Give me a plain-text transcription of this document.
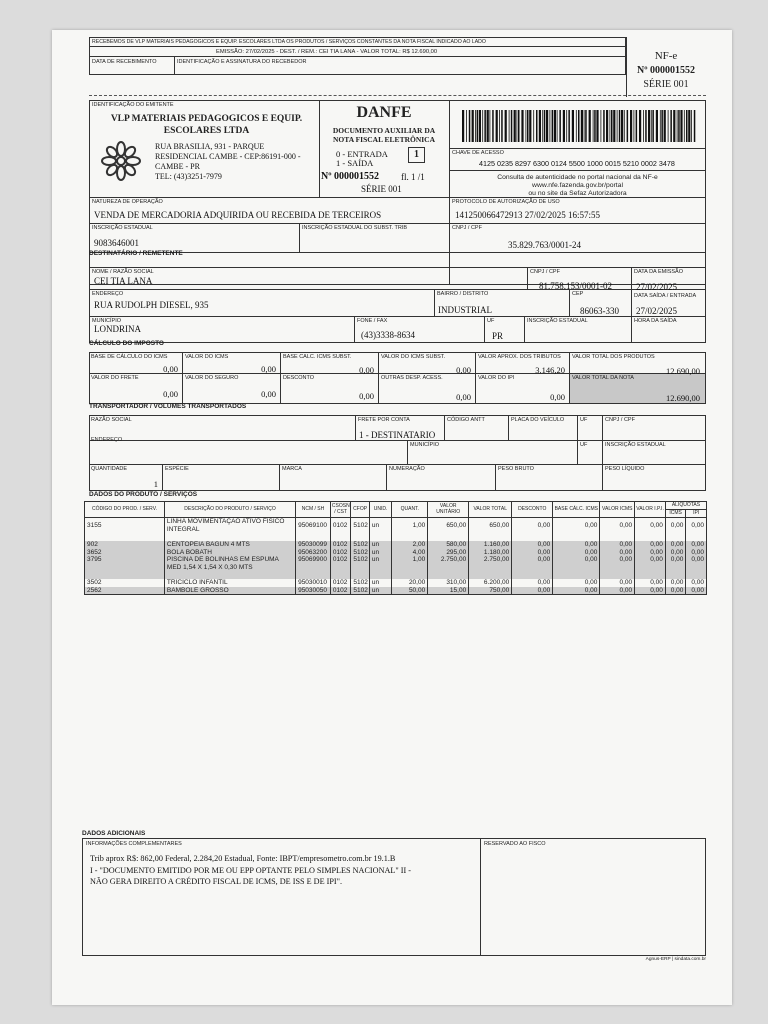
RECEBEMOS DE VLP MATERIAIS PEDAGOGICOS E EQUIP. ESCOLARES LTDA OS PRODUTOS / SERVIÇOS CONSTANTES DA NOTA FISCAL INDICADO AO LADO
EMISSÃO: 27/02/2025 - DEST. / REM.: CEI TIA LANA - VALOR TOTAL: R$ 12.690,00
DATA DE RECEBIMENTO	IDENTIFICAÇÃO E ASSINATURA DO RECEBEDOR	NF-e
Nº 000001552
SÉRIE 001
IDENTIFICAÇÃO DO EMITENTE
VLP MATERIAIS PEDAGOGICOS E EQUIP.
ESCOLARES LTDA
RUA BRASILIA, 931 - PARQUE
RESIDENCIAL CAMBE - CEP:86191-000 -
CAMBE - PR
TEL: (43)3251-7979
DANFE
DOCUMENTO AUXILIAR DA
NOTA FISCAL ELETRÔNICA
0 - ENTRADA
1 - SAÍDA
1
Nº 000001552 fl. 1 /1
SÉRIE 001
CHAVE DE ACESSO
4125 0235 8297 6300 0124 5500 1000 0015 5210 0002 3478
Consulta de autenticidade no portal nacional da NF-e
www.nfe.fazenda.gov.br/portal
ou no site da Sefaz Autorizadora
NATUREZA DE OPERAÇÃO
VENDA DE MERCADORIA ADQUIRIDA OU RECEBIDA DE TERCEIROS
PROTOCOLO DE AUTORIZAÇÃO DE USO
141250066472913 27/02/2025 16:57:55
INSCRIÇÃO ESTADUAL
9083646001
INSCRIÇÃO ESTADUAL DO SUBST. TRIB	CNPJ / CPF
35.829.763/0001-24
DESTINATÁRIO / REMETENTE
NOME / RAZÃO SOCIAL
CEI TIA LANA
CNPJ / CPF
81.758.153/0001-02
DATA DA EMISSÃO
27/02/2025
ENDEREÇO
RUA RUDOLPH DIESEL, 935
BAIRRO / DISTRITO
INDUSTRIAL
CEP
86063-330
DATA SAÍDA / ENTRADA
27/02/2025
MUNICÍPIO
LONDRINA
FONE / FAX
(43)3338-8634
UF
PR
INSCRIÇÃO ESTADUAL	HORA DA SAÍDA
CÁLCULO DO IMPOSTO
BASE DE CÁLCULO DO ICMS
0,00
VALOR DO ICMS
0,00
BASE CALC. ICMS SUBST.
0,00
VALOR DO ICMS SUBST.
0,00
VALOR APROX. DOS TRIBUTOS
3.146,20
VALOR TOTAL DOS PRODUTOS
12.690,00
VALOR DO FRETE
0,00
VALOR DO SEGURO
0,00
DESCONTO
0,00
OUTRAS DESP. ACESS.
0,00
VALOR DO IPI
0,00
VALOR TOTAL DA NOTA
12.690,00
TRANSPORTADOR / VOLUMES TRANSPORTADOS
RAZÃO SOCIAL	FRETE POR CONTA
1 - DESTINATARIO
CÓDIGO ANTT	PLACA DO VEÍCULO	UF	CNPJ / CPF
ENDEREÇO
MUNICÍPIO	UF	INSCRIÇÃO ESTADUAL
QUANTIDADE
1
ESPÉCIE	MARCA	NUMERAÇÃO	PESO BRUTO	PESO LÍQUIDO
DADOS DO PRODUTO / SERVIÇOS
CÓDIGO DO PROD. / SERV.	DESCRIÇÃO DO PRODUTO / SERVIÇO	NCM / SH	CSOSN / CST	CFOP	UNID.	QUANT.	VALOR UNITÁRIO	VALOR TOTAL	DESCONTO	BASE CÁLC. ICMS	VALOR ICMS	VALOR I.P.I.	ALÍQUOTAS	
													ICMS	IPI
3155	LINHA MOVIMENTAÇÃO ATIVO FISICO INTEGRAL	95069100	0102	5102	un	1,00	650,00	650,00	0,00	0,00	0,00	0,00	0,00	0,00
902	CENTOPEIA BAGUN 4 MTS	95030099	0102	5102	un	2,00	580,00	1.160,00	0,00	0,00	0,00	0,00	0,00	0,00
3652	BOLA BOBATH	95063200	0102	5102	un	4,00	295,00	1.180,00	0,00	0,00	0,00	0,00	0,00	0,00
3795	PISCINA DE BOLINHAS EM ESPUMA MED 1,54 X 1,54 X 0,30 MTS	95069900	0102	5102	un	1,00	2.750,00	2.750,00	0,00	0,00	0,00	0,00	0,00	0,00
3502	TRICICLO INFANTIL	95030010	0102	5102	un	20,00	310,00	6.200,00	0,00	0,00	0,00	0,00	0,00	0,00
2562	BAMBOLE GROSSO	95030050	0102	5102	un	50,00	15,00	750,00	0,00	0,00	0,00	0,00	0,00	0,00

DADOS ADICIONAIS
INFORMAÇÕES COMPLEMENTARES
Trib aprox R$: 862,00 Federal, 2.284,20 Estadual, Fonte: IBPT/empresometro.com.br 19.1.B
I - "DOCUMENTO EMITIDO POR ME OU EPP OPTANTE PELO SIMPLES NACIONAL" II -
NÃO GERA DIREITO A CRÉDITO FISCAL DE ICMS, DE ISS E DE IPI".
RESERVADO AO FISCO
Agnus-ERP | sindata.com.br
